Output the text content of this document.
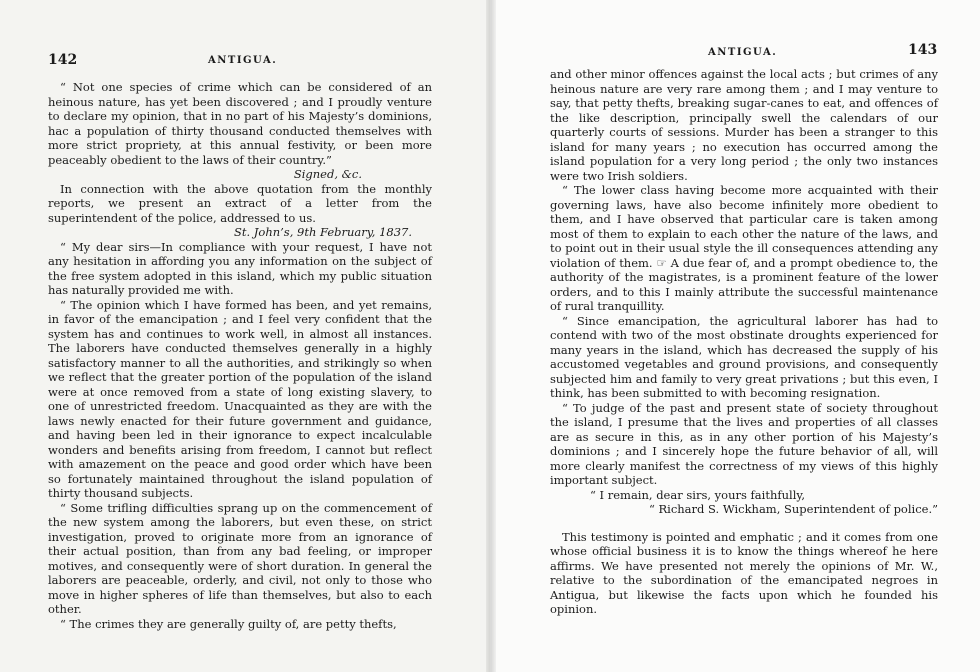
142	ANTIGUA.

“ Not one species of crime which can be considered of an heinous nature, has yet been discovered ; and I proudly venture to declare my opinion, that in no part of his Majesty’s dominions, hac a population of thirty thousand conducted themselves with more strict propriety, at this annual festivity, or been more peaceably obedient to the laws of their country.”

Signed, &c.

In connection with the above quotation from the monthly reports, we present an extract of a letter from the superintendent of the police, addressed to us.

St. John’s, 9th February, 1837.

“ My dear sirs—In compliance with your request, I have not any hesitation in affording you any information on the subject of the free system adopted in this island, which my public situation has naturally provided me with.

“ The opinion which I have formed has been, and yet remains, in favor of the emancipation ; and I feel very confident that the system has and continues to work well, in almost all instances. The laborers have conducted themselves generally in a highly satisfactory manner to all the authorities, and strikingly so when we reflect that the greater portion of the population of the island were at once removed from a state of long existing slavery, to one of unrestricted freedom. Unacquainted as they are with the laws newly enacted for their future government and guidance, and having been led in their ignorance to expect incalculable wonders and benefits arising from freedom, I cannot but reflect with amazement on the peace and good order which have been so fortunately maintained throughout the island population of thirty thousand subjects.

“ Some trifling difficulties sprang up on the commencement of the new system among the laborers, but even these, on strict investigation, proved to originate more from an ignorance of their actual position, than from any bad feeling, or improper motives, and consequently were of short duration. In general the laborers are peaceable, orderly, and civil, not only to those who move in higher spheres of life than themselves, but also to each other.

“ The crimes they are generally guilty of, are petty thefts,

ANTIGUA.	143

and other minor offences against the local acts ; but crimes of any heinous nature are very rare among them ; and I may venture to say, that petty thefts, breaking sugar-canes to eat, and offences of the like description, principally swell the calendars of our quarterly courts of sessions. Murder has been a stranger to this island for many years ; no execution has occurred among the island population for a very long period ; the only two instances were two Irish soldiers.

“ The lower class having become more acquainted with their governing laws, have also become infinitely more obedient to them, and I have observed that particular care is taken among most of them to explain to each other the nature of the laws, and to point out in their usual style the ill consequences attending any violation of them. ☞ A due fear of, and a prompt obedience to, the authority of the magistrates, is a prominent feature of the lower orders, and to this I mainly attribute the successful maintenance of rural tranquillity.

“ Since emancipation, the agricultural laborer has had to contend with two of the most obstinate droughts experienced for many years in the island, which has decreased the supply of his accustomed vegetables and ground provisions, and consequently subjected him and family to very great privations ; but this even, I think, has been submitted to with becoming resignation.

“ To judge of the past and present state of society throughout the island, I presume that the lives and properties of all classes are as secure in this, as in any other portion of his Majesty’s dominions ; and I sincerely hope the future behavior of all, will more clearly manifest the correctness of my views of this highly important subject.

“ I remain, dear sirs, yours faithfully,

“ Richard S. Wickham, Superintendent of police.”

This testimony is pointed and emphatic ; and it comes from one whose official business it is to know the things whereof he here affirms. We have presented not merely the opinions of Mr. W., relative to the subordination of the emancipated negroes in Antigua, but likewise the facts upon which he founded his opinion.
